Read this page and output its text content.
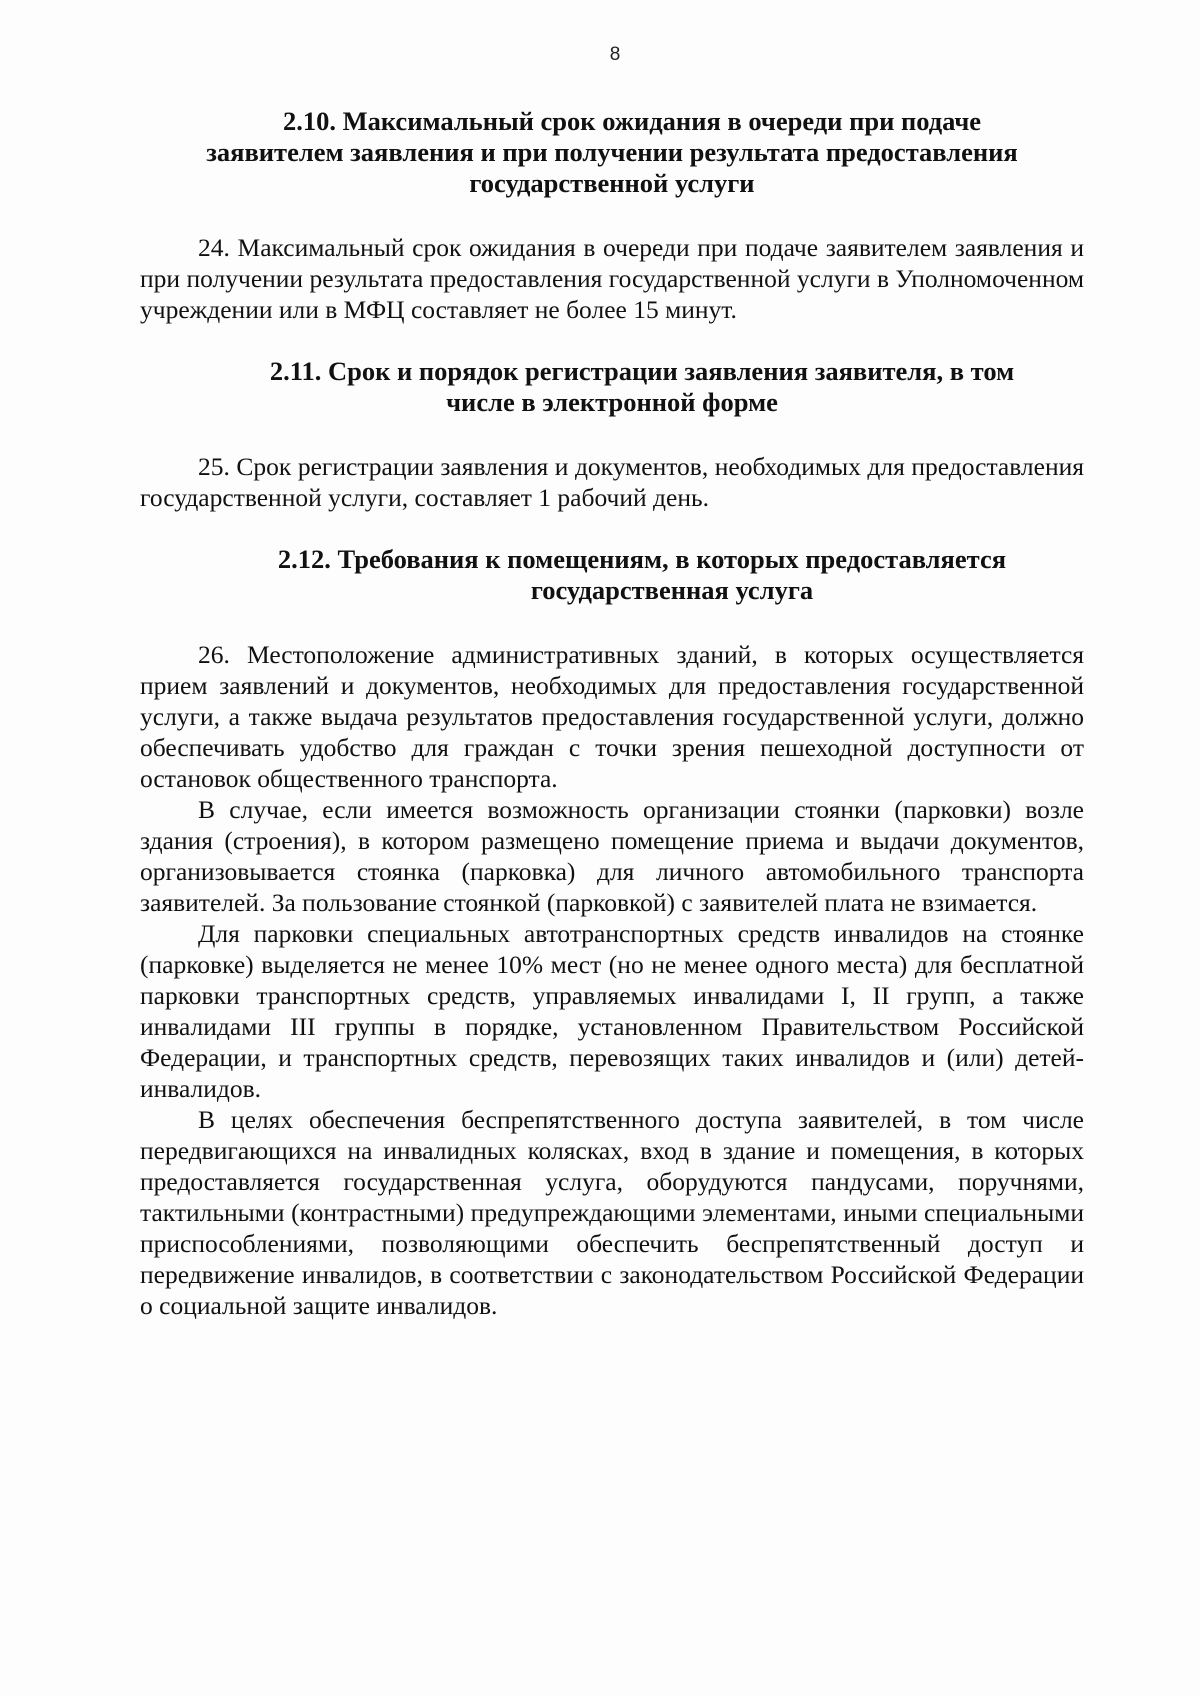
8
2.10. Максимальный срок ожидания в очереди при подаче
заявителем заявления и при получении результата предоставления
государственной услуги

24. Максимальный срок ожидания в очереди при подаче заявителем заявления и при получении результата предоставления государственной услуги в Уполномоченном учреждении или в МФЦ составляет не более 15 минут.

2.11. Срок и порядок регистрации заявления заявителя, в том
числе в электронной форме

25. Срок регистрации заявления и документов, необходимых для предоставления государственной услуги, составляет 1 рабочий день.

2.12. Требования к помещениям, в которых предоставляется
государственная услуга

26. Местоположение административных зданий, в которых осуществляется прием заявлений и документов, необходимых для предоставления государственной услуги, а также выдача результатов предоставления государственной услуги, должно обеспечивать удобство для граждан с точки зрения пешеходной доступности от остановок общественного транспорта.

В случае, если имеется возможность организации стоянки (парковки) возле здания (строения), в котором размещено помещение приема и выдачи документов, организовывается стоянка (парковка) для личного автомобильного транспорта заявителей. За пользование стоянкой (парковкой) с заявителей плата не взимается.

Для парковки специальных автотранспортных средств инвалидов на стоянке (парковке) выделяется не менее 10% мест (но не менее одного места) для бесплатной парковки транспортных средств, управляемых инвалидами I, II групп, а также инвалидами III группы в порядке, установленном Правительством Российской Федерации, и транспортных средств, перевозящих таких инвалидов и (или) детей-инвалидов.

В целях обеспечения беспрепятственного доступа заявителей, в том числе передвигающихся на инвалидных колясках, вход в здание и помещения, в которых предоставляется государственная услуга, оборудуются пандусами, поручнями, тактильными (контрастными) предупреждающими элементами, иными специальными приспособлениями, позволяющими обеспечить беспрепятственный доступ и передвижение инвалидов, в соответствии с законодательством Российской Федерации о социальной защите инвалидов.
